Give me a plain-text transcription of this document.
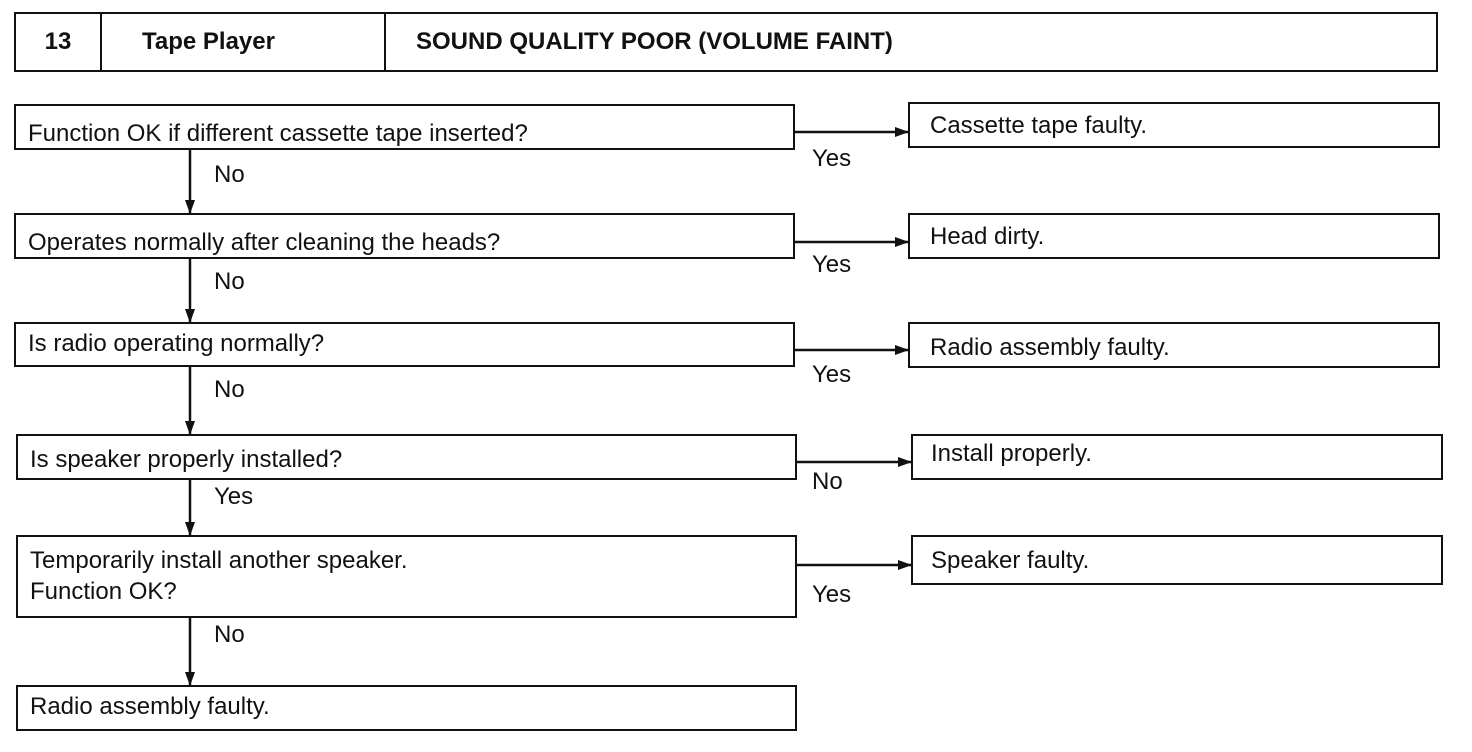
13	Tape Player	SOUND QUALITY POOR (VOLUME FAINT)
Function OK if different cassette tape inserted?
Operates normally after cleaning the heads?
Is radio operating normally?
Is speaker properly installed?
Temporarily install another speaker.
Function OK?
Radio assembly faulty.
Cassette tape faulty.
Head dirty.
Radio assembly faulty.
Install properly.
Speaker faulty.
Yes
Yes
Yes
No
Yes
No
No
No
Yes
No
